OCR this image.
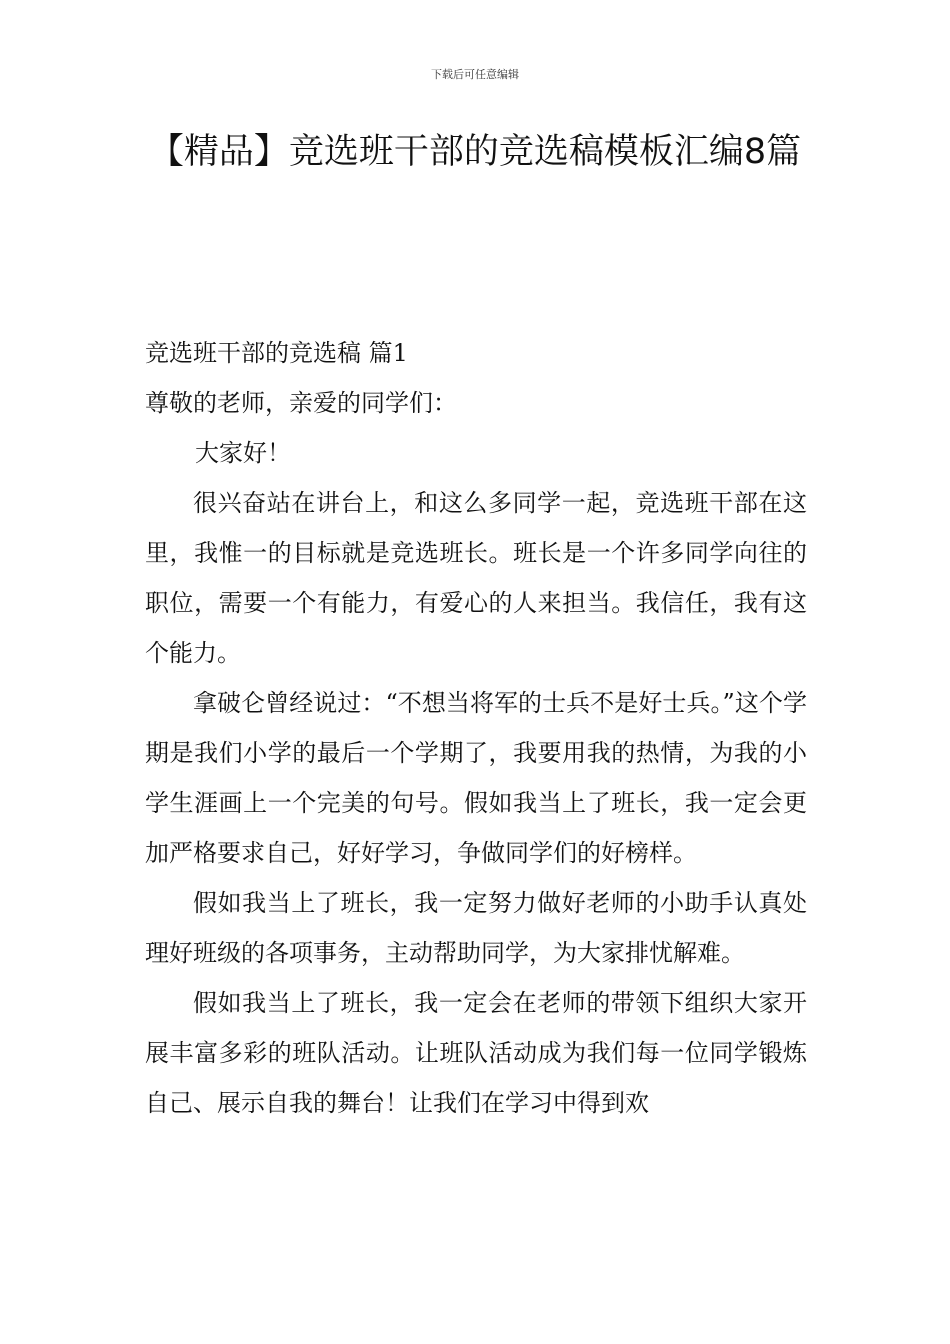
下载后可任意编辑
【精品】竞选班干部的竞选稿模板汇编8篇

竞选班干部的竞选稿 篇1

尊敬的老师，亲爱的同学们：

大家好！

很兴奋站在讲台上，和这么多同学一起，竞选班干部在这里，我惟一的目标就是竞选班长。班长是一个许多同学向往的职位，需要一个有能力，有爱心的人来担当。我信任，我有这个能力。

拿破仑曾经说过：“不想当将军的士兵不是好士兵。”这个学期是我们小学的最后一个学期了，我要用我的热情，为我的小学生涯画上一个完美的句号。假如我当上了班长，我一定会更加严格要求自己，好好学习，争做同学们的好榜样。

假如我当上了班长，我一定努力做好老师的小助手认真处理好班级的各项事务，主动帮助同学，为大家排忧解难。

假如我当上了班长，我一定会在老师的带领下组织大家开展丰富多彩的班队活动。让班队活动成为我们每一位同学锻炼自己、展示自我的舞台！让我们在学习中得到欢
